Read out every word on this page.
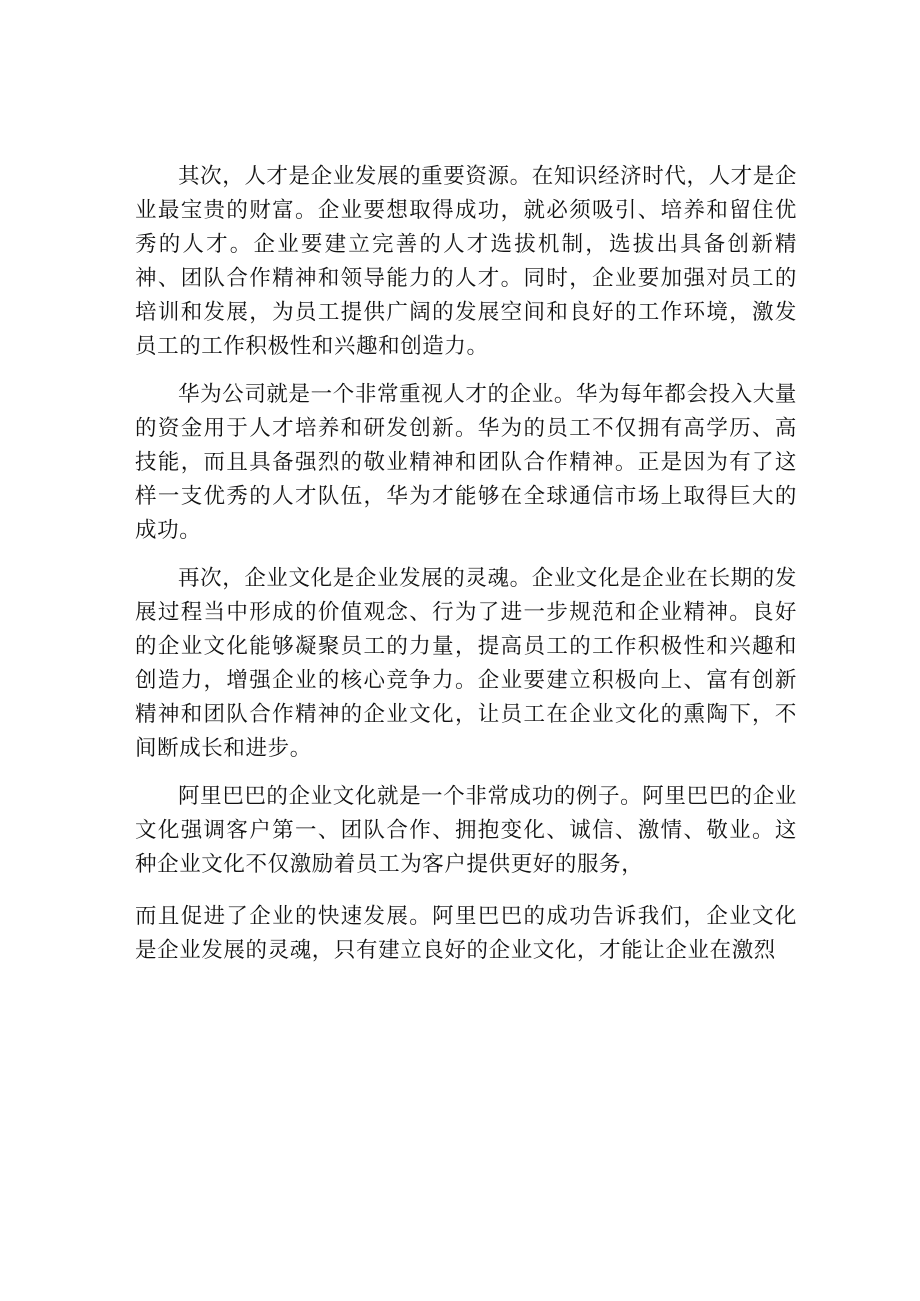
其次，人才是企业发展的重要资源。在知识经济时代，人才是企业最宝贵的财富。企业要想取得成功，就必须吸引、培养和留住优秀的人才。企业要建立完善的人才选拔机制，选拔出具备创新精神、团队合作精神和领导能力的人才。同时，企业要加强对员工的培训和发展，为员工提供广阔的发展空间和良好的工作环境，激发员工的工作积极性和兴趣和创造力。

华为公司就是一个非常重视人才的企业。华为每年都会投入大量的资金用于人才培养和研发创新。华为的员工不仅拥有高学历、高技能，而且具备强烈的敬业精神和团队合作精神。正是因为有了这样一支优秀的人才队伍，华为才能够在全球通信市场上取得巨大的成功。

再次，企业文化是企业发展的灵魂。企业文化是企业在长期的发展过程当中形成的价值观念、行为了进一步规范和企业精神。良好的企业文化能够凝聚员工的力量，提高员工的工作积极性和兴趣和创造力，增强企业的核心竞争力。企业要建立积极向上、富有创新精神和团队合作精神的企业文化，让员工在企业文化的熏陶下，不间断成长和进步。

阿里巴巴的企业文化就是一个非常成功的例子。阿里巴巴的企业文化强调客户第一、团队合作、拥抱变化、诚信、激情、敬业。这种企业文化不仅激励着员工为客户提供更好的服务，

而且促进了企业的快速发展。阿里巴巴的成功告诉我们，企业文化是企业发展的灵魂，只有建立良好的企业文化，才能让企业在激烈
